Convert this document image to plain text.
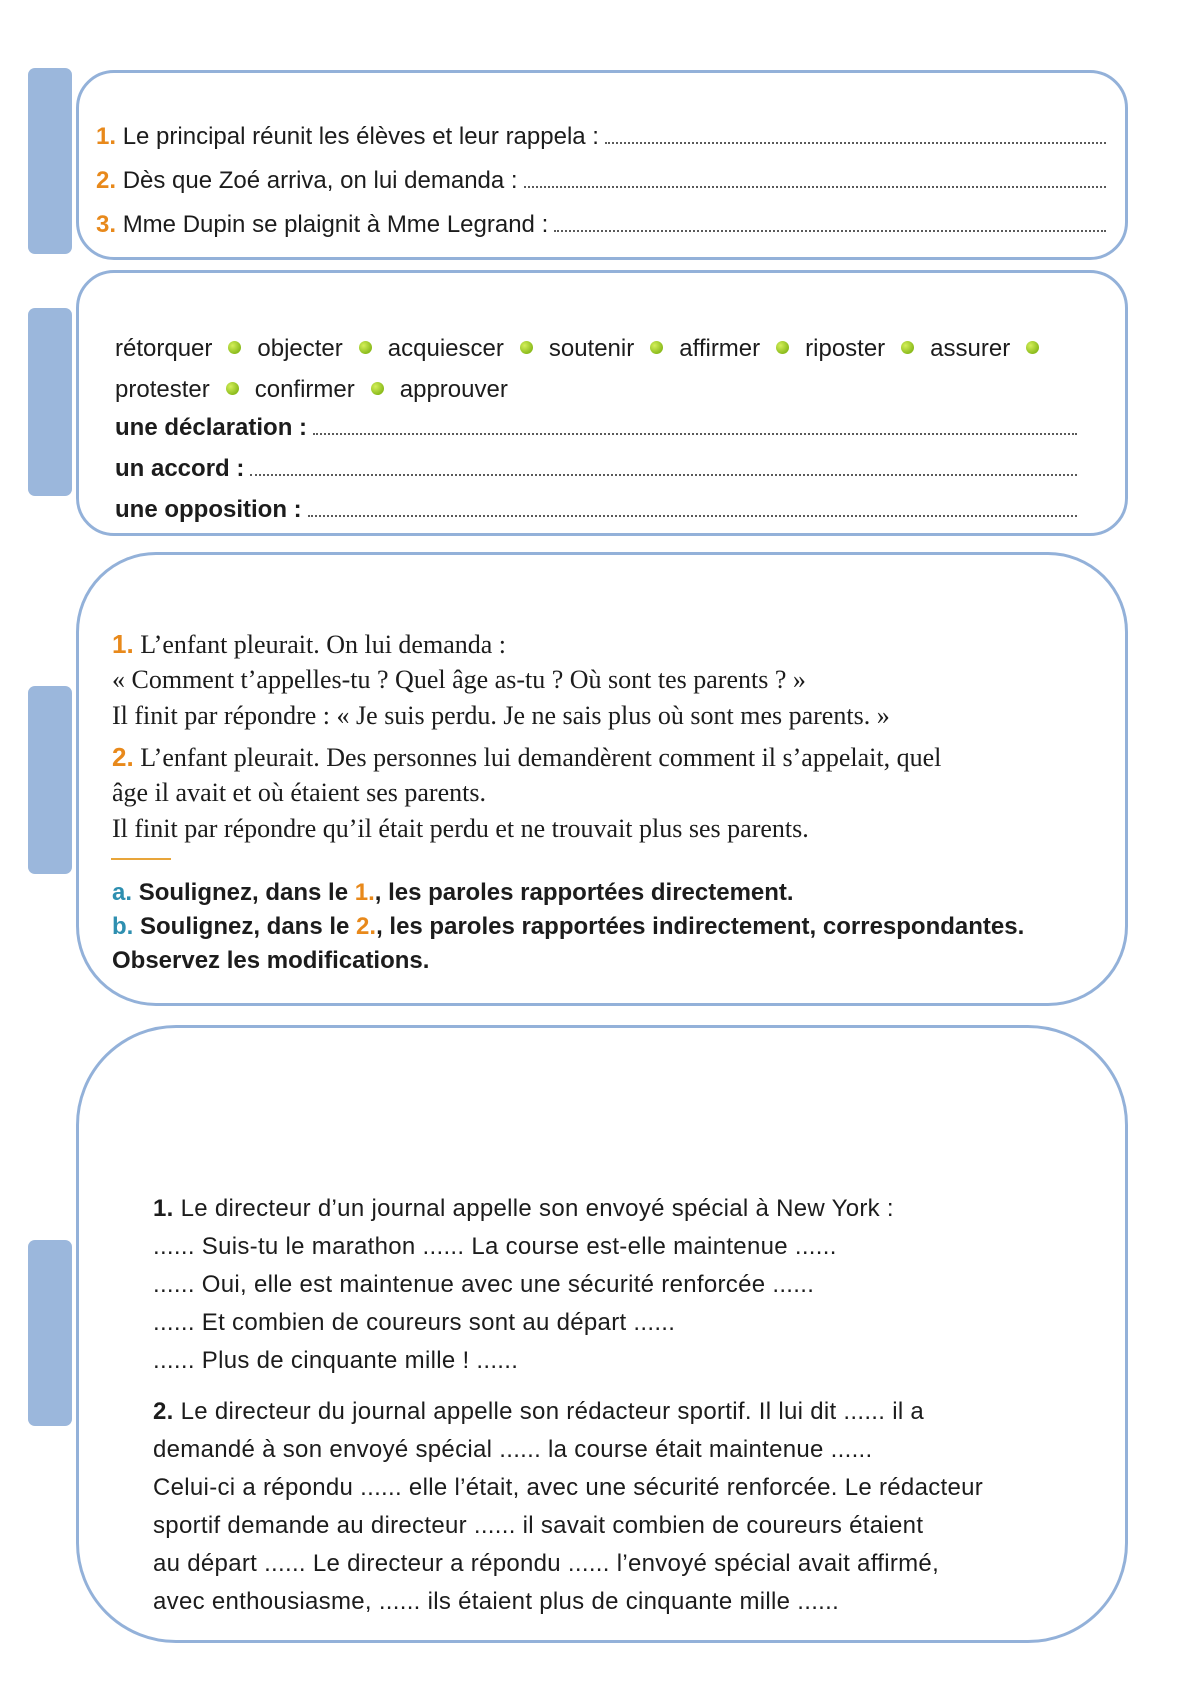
1.
Le principal réunit les élèves et leur rappela :
2.
Dès que Zoé arriva, on lui demanda :
3.
Mme Dupin se plaignit à Mme Legrand :
rétorquer objecter acquiescer soutenir affirmer riposter assurer
protester confirmer approuver
une déclaration :
un accord :
une opposition :
1. L’enfant pleurait. On lui demanda :
« Comment t’appelles-tu ? Quel âge as-tu ? Où sont tes parents ? »
Il finit par répondre : « Je suis perdu. Je ne sais plus où sont mes parents. »
2. L’enfant pleurait. Des personnes lui demandèrent comment il s’appelait, quel
âge il avait et où étaient ses parents.
Il finit par répondre qu’il était perdu et ne trouvait plus ses parents.
a. Soulignez, dans le 1., les paroles rapportées directement.
b. Soulignez, dans le 2., les paroles rapportées indirectement, correspondantes.
Observez les modifications.
1. Le directeur d’un journal appelle son envoyé spécial à New York :
...... Suis-tu le marathon ...... La course est-elle maintenue ......
...... Oui, elle est maintenue avec une sécurité renforcée ......
...... Et combien de coureurs sont au départ ......
...... Plus de cinquante mille ! ......
2. Le directeur du journal appelle son rédacteur sportif. Il lui dit ...... il a
demandé à son envoyé spécial ...... la course était maintenue ......
Celui-ci a répondu ...... elle l’était, avec une sécurité renforcée. Le rédacteur
sportif demande au directeur ...... il savait combien de coureurs étaient
au départ ...... Le directeur a répondu ...... l’envoyé spécial avait affirmé,
avec enthousiasme, ...... ils étaient plus de cinquante mille ......
